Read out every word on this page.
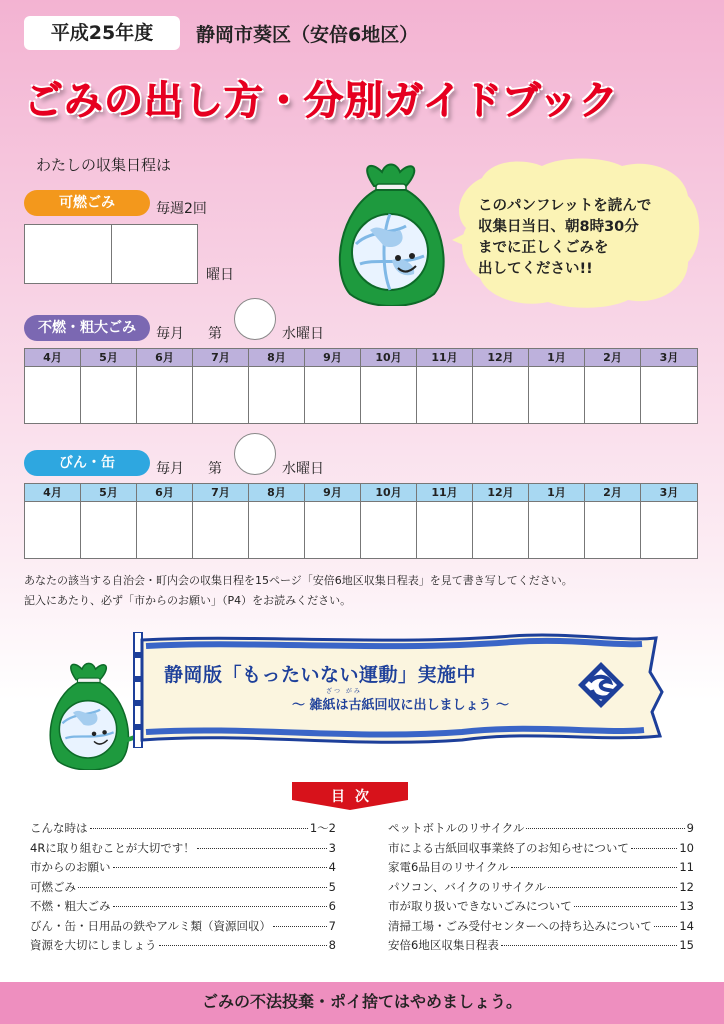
平成25年度	静岡市葵区（安倍6地区）
ごみの出し方・分別ガイドブック
わたしの収集日程は
可燃ごみ	毎週2回
曜日
このパンフレットを読んで
収集日当日、朝8時30分
までに正しくごみを
出してください!!
不燃・粗大ごみ	毎月 第	水曜日
4月	5月	6月	7月	8月	9月	10月	11月	12月	1月	2月	3月
びん・缶	毎月 第	水曜日
4月	5月	6月	7月	8月	9月	10月	11月	12月	1月	2月	3月
あなたの該当する自治会・町内会の収集日程を15ページ「安倍6地区収集日程表」を見て書き写してください。
記入にあたり、必ず「市からのお願い」（P4）をお読みください。
静岡版「もったいない運動」実施中
ざつ がみ
～ 雑紙は古紙回収に出しましょう ～
目次
こんな時は	1～2
4Rに取り組むことが大切です！	3
市からのお願い	4
可燃ごみ	5
不燃・粗大ごみ	6
びん・缶・日用品の鉄やアルミ類（資源回収）	7
資源を大切にしましょう	8
ペットボトルのリサイクル	9
市による古紙回収事業終了のお知らせについて	10
家電6品目のリサイクル	11
パソコン、バイクのリサイクル	12
市が取り扱いできないごみについて	13
清掃工場・ごみ受付センターへの持ち込みについて 14
安倍6地区収集日程表	15
ごみの不法投棄・ポイ捨てはやめましょう。
